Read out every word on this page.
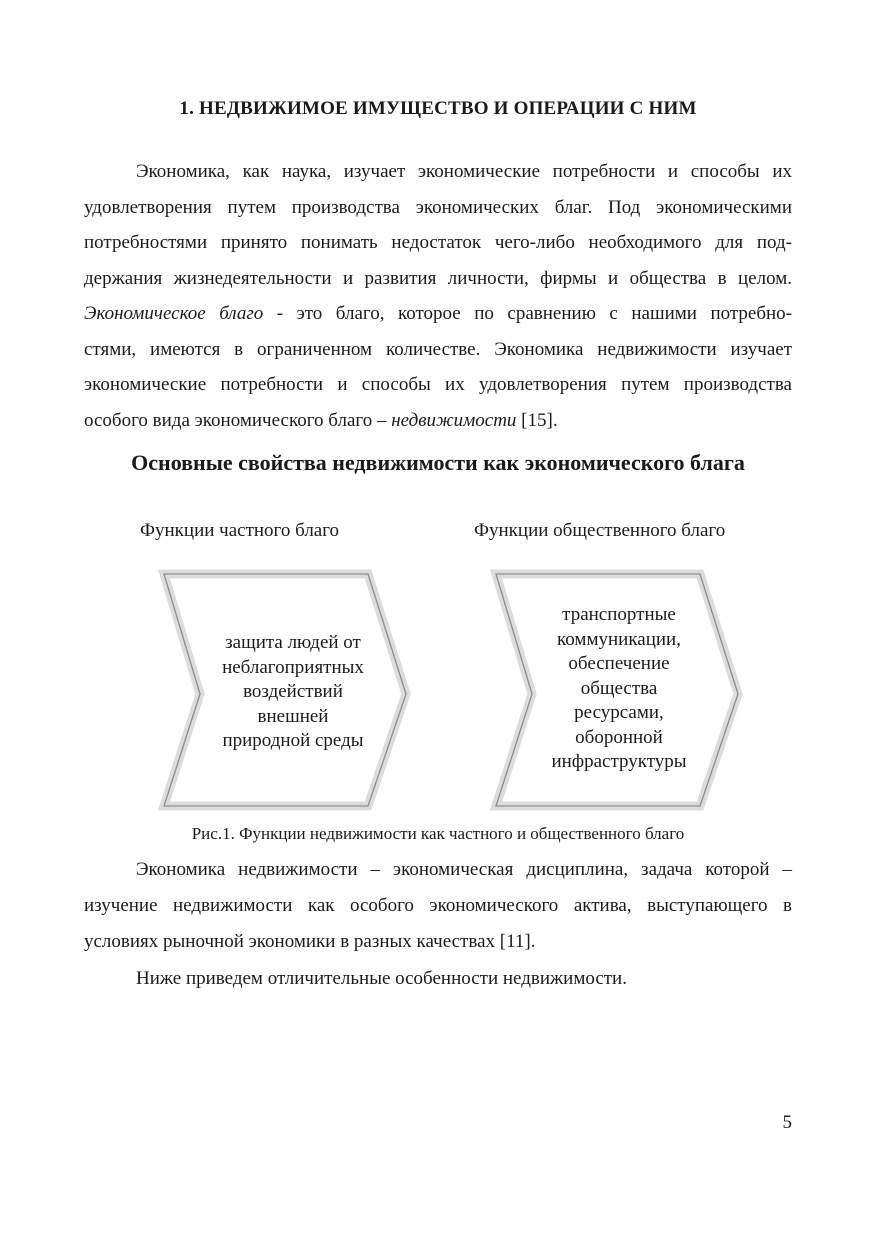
1. НЕДВИЖИМОЕ ИМУЩЕСТВО И ОПЕРАЦИИ С НИМ
Экономика, как наука, изучает экономические потребности и способы их
удовлетворения путем производства экономических благ. Под экономическими
потребностями принято понимать недостаток чего-либо необходимого для под-
держания жизнедеятельности и развития личности, фирмы и общества в целом.
Экономическое благо - это благо, которое по сравнению с нашими потребно-
стями, имеются в ограниченном количестве. Экономика недвижимости изучает
экономические потребности и способы их удовлетворения путем производства
особого вида экономического благо – недвижимости [15].
Основные свойства недвижимости как экономического блага
Функции частного благо	Функции общественного благо
защита людей от
неблагоприятных
воздействий
внешней
природной среды
транспортные
коммуникации,
обеспечение
общества
ресурсами,
оборонной
инфраструктуры
Рис.1. Функции недвижимости как частного и общественного благо
Экономика недвижимости – экономическая дисциплина, задача которой –
изучение недвижимости как особого экономического актива, выступающего в
условиях рыночной экономики в разных качествах [11].
Ниже приведем отличительные особенности недвижимости.
5
